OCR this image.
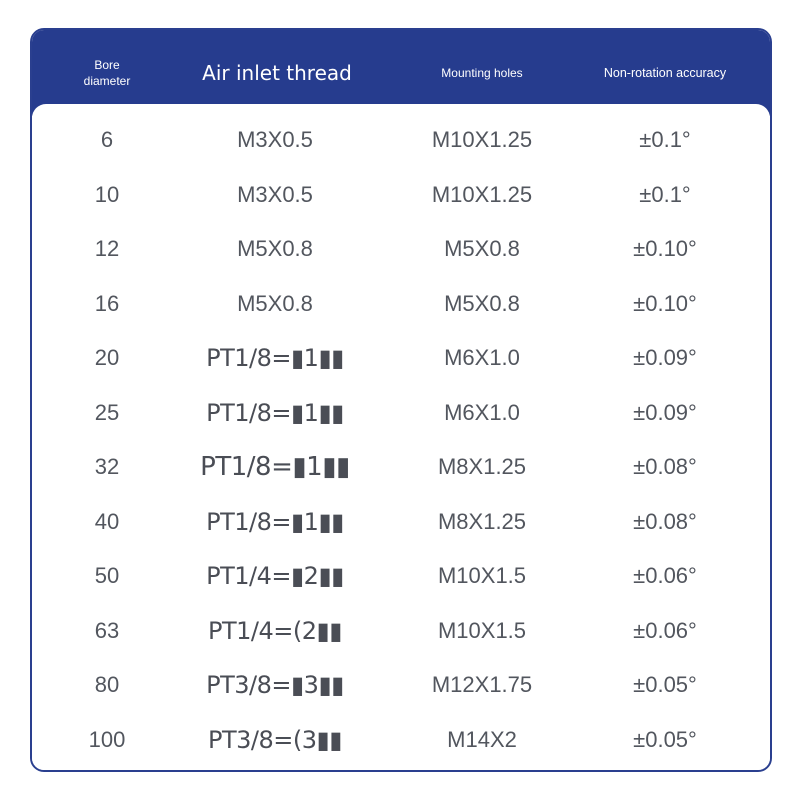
Bore
diameter	Air inlet thread	Mounting holes	Non-rotation accuracy
6	M3X0.5	M10X1.25	±0.1°
10	M3X0.5	M10X1.25	±0.1°
12	M5X0.8	M5X0.8	±0.10°
16	M5X0.8	M5X0.8	±0.10°
20	PT1/8=▮1▮▮	M6X1.0	±0.09°
25	PT1/8=▮1▮▮	M6X1.0	±0.09°
32	PT1/8=▮1▮▮	M8X1.25	±0.08°
40	PT1/8=▮1▮▮	M8X1.25	±0.08°
50	PT1/4=▮2▮▮	M10X1.5	±0.06°
63	PT1/4=(2▮▮	M10X1.5	±0.06°
80	PT3/8=▮3▮▮	M12X1.75	±0.05°
100	PT3/8=(3▮▮	M14X2	±0.05°
